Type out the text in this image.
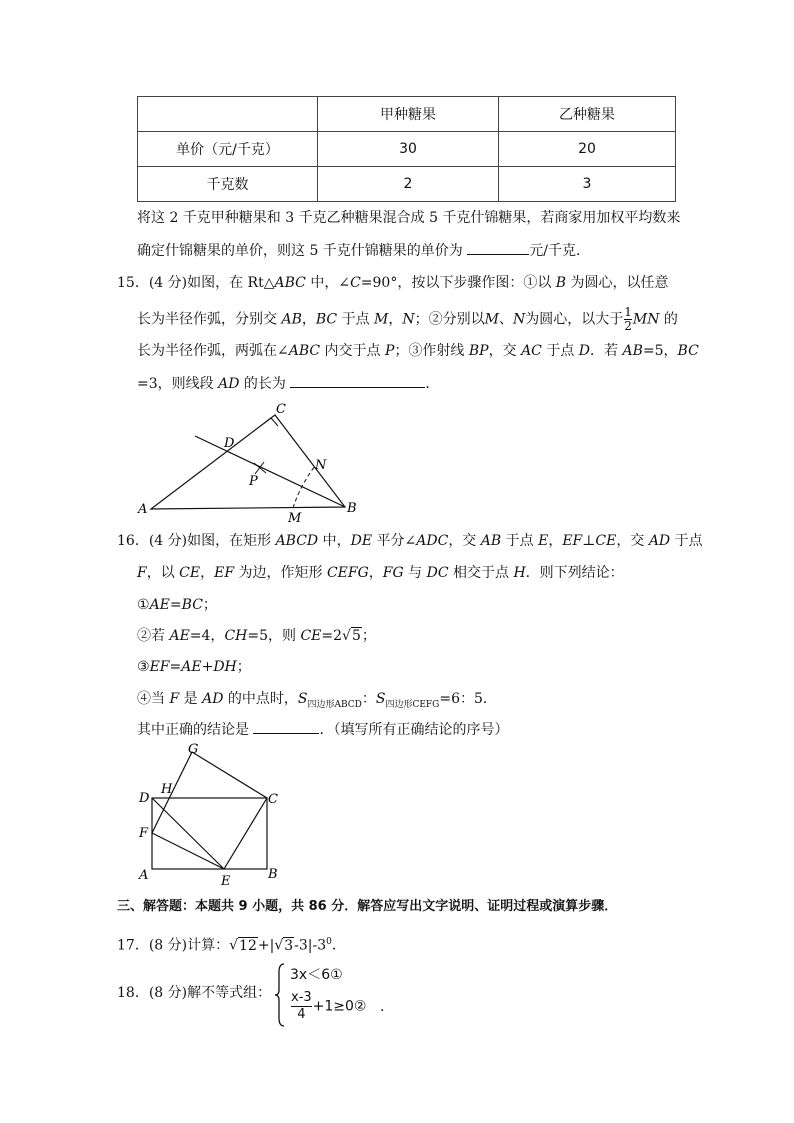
	甲种糖果	乙种糖果
单价（元/千克）	30	20
千克数	2	3
将这 2 千克甲种糖果和 3 千克乙种糖果混合成 5 千克什锦糖果，若商家用加权平均数来
确定什锦糖果的单价，则这 5 千克什锦糖果的单价为	元/千克．
15．(4 分)如图，在 Rt△ABC 中，∠C=90°，按以下步骤作图：①以 B 为圆心，以任意
长为半径作弧，分别交 AB，BC 于点 M，N；②分别以M、N为圆心，以大于 $\frac{1}{2}$ MN 的
长为半径作弧，两弧在∠ABC 内交于点 P；③作射线 BP，交 AC 于点 D．若 AB=5，BC
=3，则线段 AD 的长为	．
A	B
C
D
N
P
M
16．(4 分)如图，在矩形 ABCD 中，DE 平分∠ADC，交 AB 于点 E，EF⊥CE，交 AD 于点
F，以 CE，EF 为边，作矩形 CEFG，FG 与 DC 相交于点 H．则下列结论：
①AE=BC；
②若 AE=4，CH=5，则 CE=2√5；
③EF=AE+DH；
④当 F 是 AD 的中点时，$S_{四边形ABCD}$：$S_{四边形CEFG}=6$：5．
其中正确的结论是	．（填写所有正确结论的序号）
G
H
D	C
F
A	E	B
三、解答题：本题共 9 小题，共 86 分．解答应写出文字说明、证明过程或演算步骤．
17．(8 分)计算：$√12+|√3-3|-3^0$．
18．(8 分)解不等式组：
3x＜6①
$\frac{x-3}{4}$ +1≥0② ．
